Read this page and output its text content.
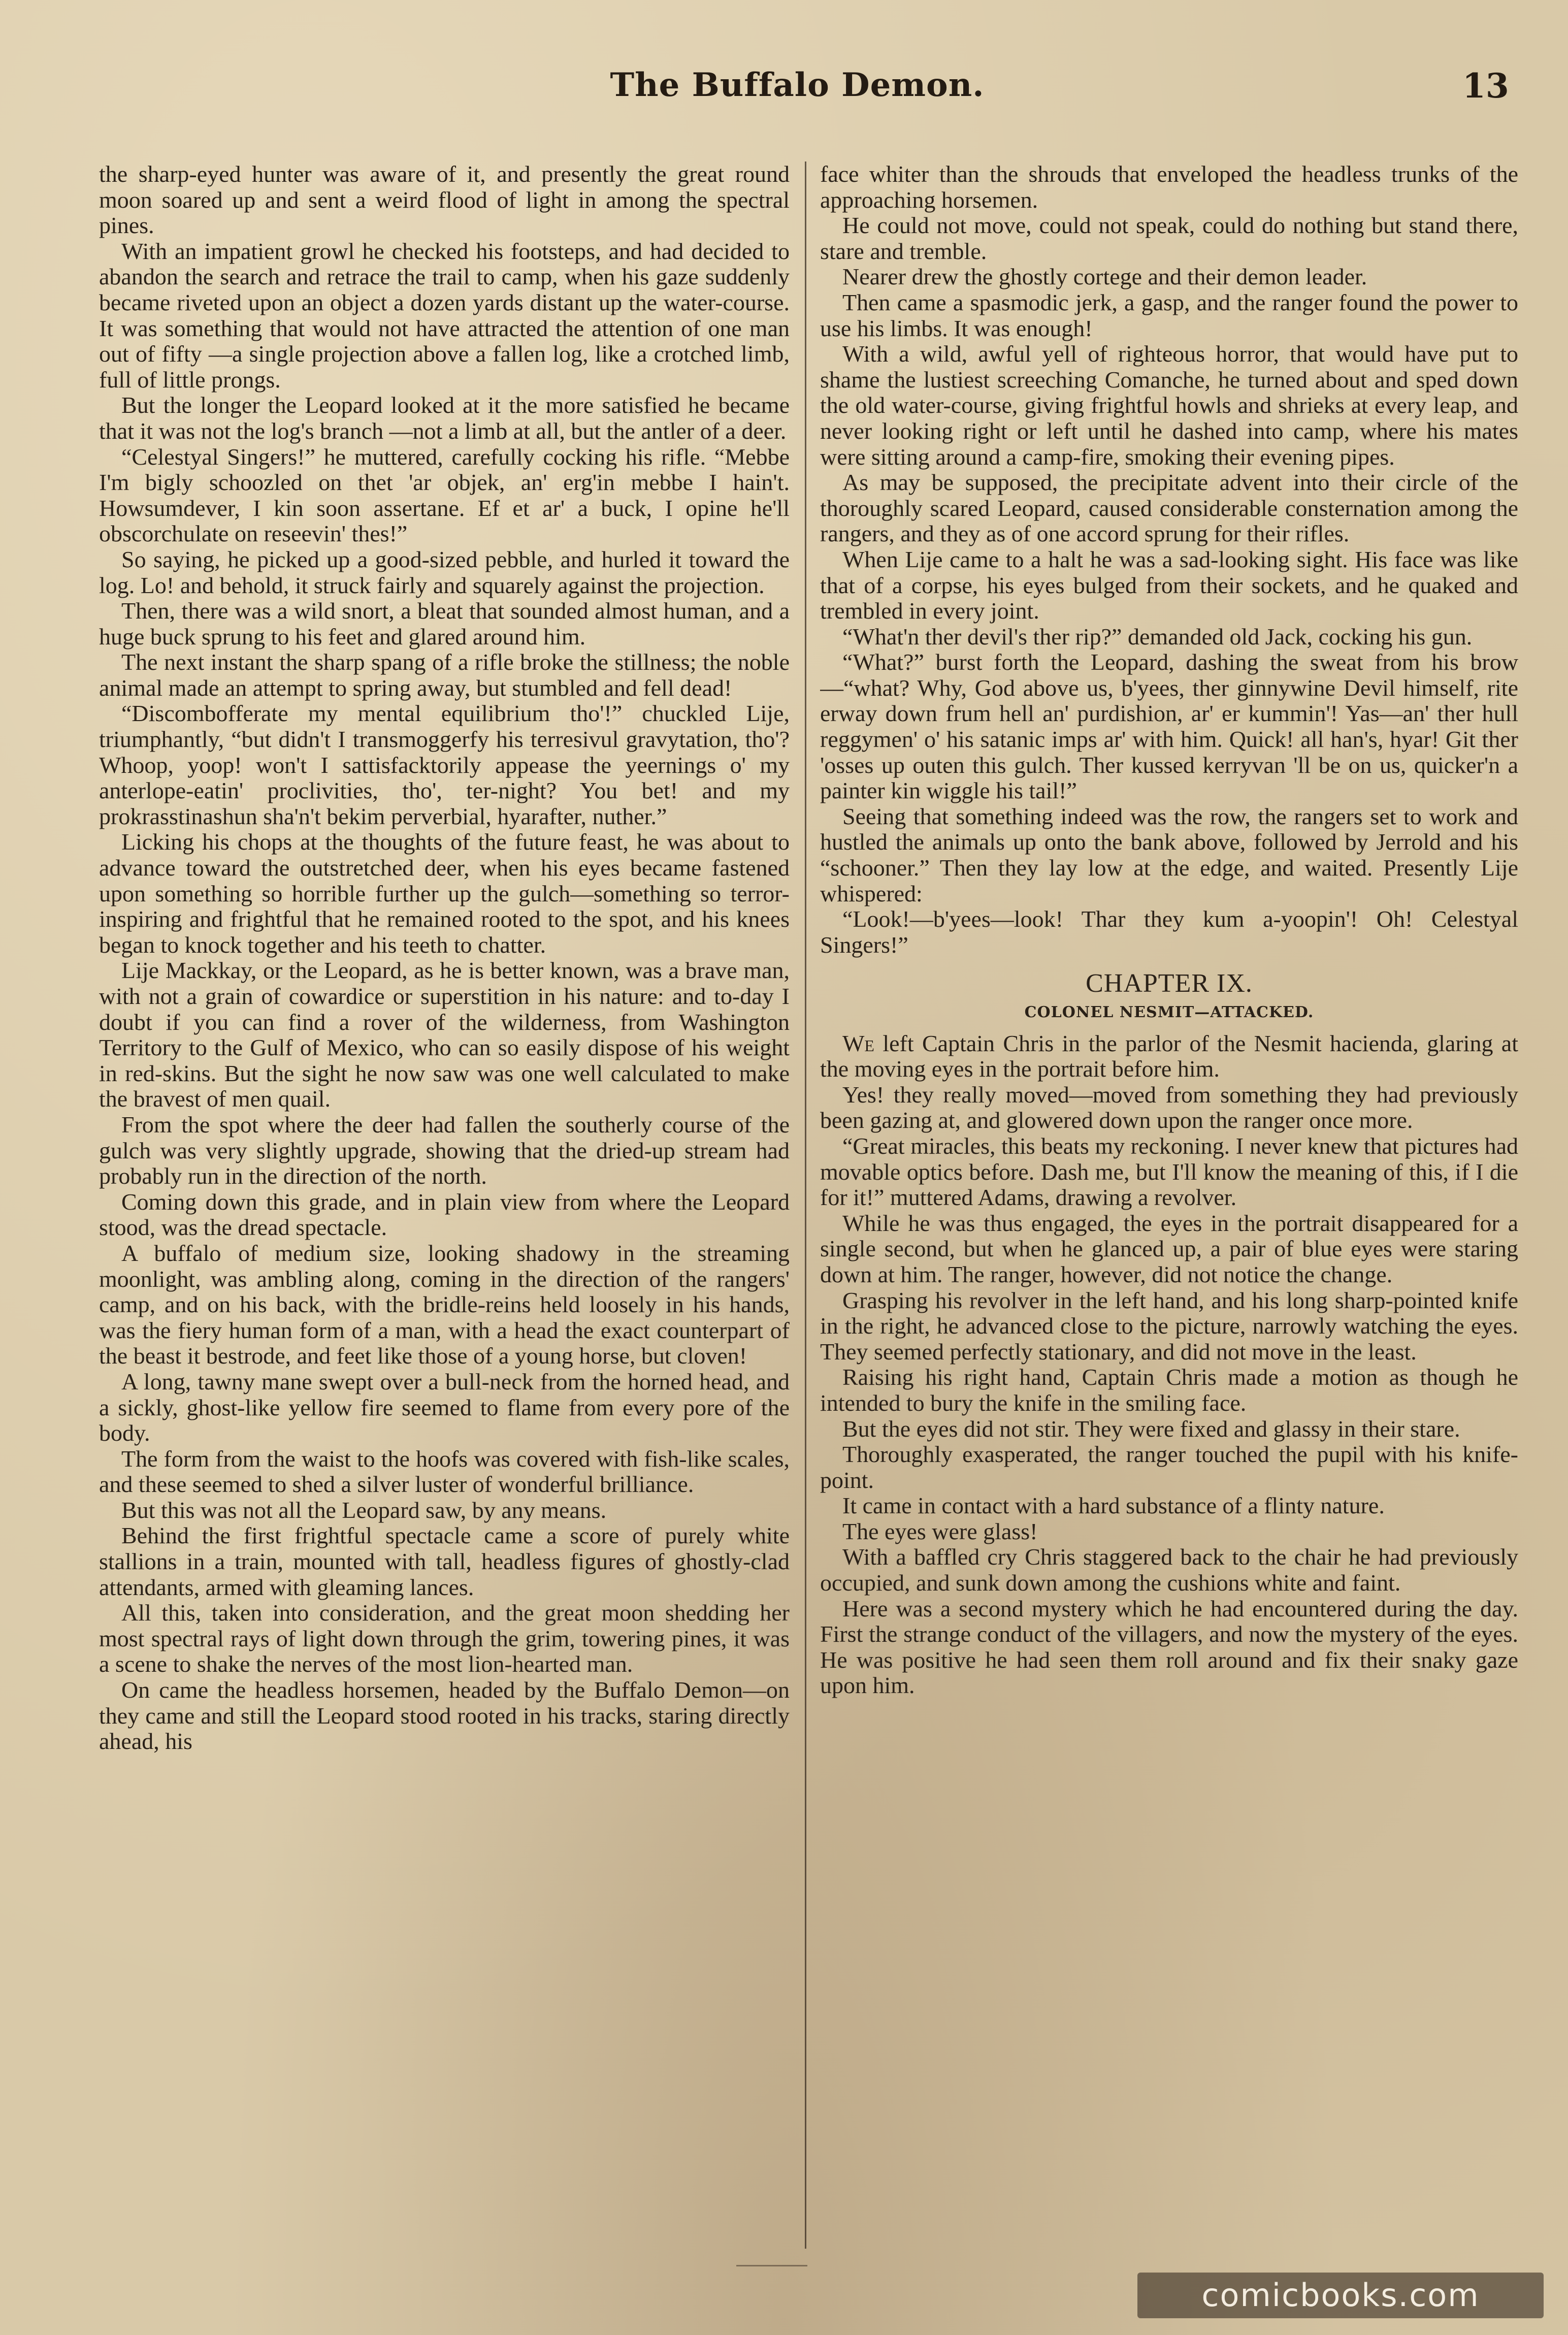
The Buffalo Demon.	13

the sharp-eyed hunter was aware of it, and presently the great round moon soared up and sent a weird flood of light in among the spectral pines.

With an impatient growl he checked his footsteps, and had decided to abandon the search and retrace the trail to camp, when his gaze suddenly became riveted upon an object a dozen yards distant up the water-course. It was something that would not have attracted the attention of one man out of fifty —a single projection above a fallen log, like a crotched limb, full of little prongs.

But the longer the Leopard looked at it the more satisfied he became that it was not the log's branch —not a limb at all, but the antler of a deer.

“Celestyal Singers!” he muttered, carefully cocking his rifle. “Mebbe I'm bigly schoozled on thet 'ar objek, an' erg'in mebbe I hain't. Howsumdever, I kin soon assertane. Ef et ar' a buck, I opine he'll obscorchulate on reseevin' thes!”

So saying, he picked up a good-sized pebble, and hurled it toward the log. Lo! and behold, it struck fairly and squarely against the projection.

Then, there was a wild snort, a bleat that sounded almost human, and a huge buck sprung to his feet and glared around him.

The next instant the sharp spang of a rifle broke the stillness; the noble animal made an attempt to spring away, but stumbled and fell dead!

“Discombofferate my mental equilibrium tho'!” chuckled Lije, triumphantly, “but didn't I transmoggerfy his terresivul gravytation, tho'? Whoop, yoop! won't I sattisfacktorily appease the yeernings o' my anterlope-eatin' proclivities, tho', ter-night? You bet! and my prokrasstinashun sha'n't bekim perverbial, hyarafter, nuther.”

Licking his chops at the thoughts of the future feast, he was about to advance toward the outstretched deer, when his eyes became fastened upon something so horrible further up the gulch—something so terror-inspiring and frightful that he remained rooted to the spot, and his knees began to knock together and his teeth to chatter.

Lije Mackkay, or the Leopard, as he is better known, was a brave man, with not a grain of cowardice or superstition in his nature: and to-day I doubt if you can find a rover of the wilderness, from Washington Territory to the Gulf of Mexico, who can so easily dispose of his weight in red-skins. But the sight he now saw was one well calculated to make the bravest of men quail.

From the spot where the deer had fallen the southerly course of the gulch was very slightly upgrade, showing that the dried-up stream had probably run in the direction of the north.

Coming down this grade, and in plain view from where the Leopard stood, was the dread spectacle.

A buffalo of medium size, looking shadowy in the streaming moonlight, was ambling along, coming in the direction of the rangers' camp, and on his back, with the bridle-reins held loosely in his hands, was the fiery human form of a man, with a head the exact counterpart of the beast it bestrode, and feet like those of a young horse, but cloven!

A long, tawny mane swept over a bull-neck from the horned head, and a sickly, ghost-like yellow fire seemed to flame from every pore of the body.

The form from the waist to the hoofs was covered with fish-like scales, and these seemed to shed a silver luster of wonderful brilliance.

But this was not all the Leopard saw, by any means.

Behind the first frightful spectacle came a score of purely white stallions in a train, mounted with tall, headless figures of ghostly-clad attendants, armed with gleaming lances.

All this, taken into consideration, and the great moon shedding her most spectral rays of light down through the grim, towering pines, it was a scene to shake the nerves of the most lion-hearted man.

On came the headless horsemen, headed by the Buffalo Demon—on they came and still the Leopard stood rooted in his tracks, staring directly ahead, his

face whiter than the shrouds that enveloped the headless trunks of the approaching horsemen.

He could not move, could not speak, could do nothing but stand there, stare and tremble.

Nearer drew the ghostly cortege and their demon leader.

Then came a spasmodic jerk, a gasp, and the ranger found the power to use his limbs. It was enough!

With a wild, awful yell of righteous horror, that would have put to shame the lustiest screeching Comanche, he turned about and sped down the old water-course, giving frightful howls and shrieks at every leap, and never looking right or left until he dashed into camp, where his mates were sitting around a camp-fire, smoking their evening pipes.

As may be supposed, the precipitate advent into their circle of the thoroughly scared Leopard, caused considerable consternation among the rangers, and they as of one accord sprung for their rifles.

When Lije came to a halt he was a sad-looking sight. His face was like that of a corpse, his eyes bulged from their sockets, and he quaked and trembled in every joint.

“What'n ther devil's ther rip?” demanded old Jack, cocking his gun.

“What?” burst forth the Leopard, dashing the sweat from his brow—“what? Why, God above us, b'yees, ther ginnywine Devil himself, rite erway down frum hell an' purdishion, ar' er kummin'! Yas—an' ther hull reggymen' o' his satanic imps ar' with him. Quick! all han's, hyar! Git ther 'osses up outen this gulch. Ther kussed kerryvan 'll be on us, quicker'n a painter kin wiggle his tail!”

Seeing that something indeed was the row, the rangers set to work and hustled the animals up onto the bank above, followed by Jerrold and his “schooner.” Then they lay low at the edge, and waited. Presently Lije whispered:

“Look!—b'yees—look! Thar they kum a-yoopin'! Oh! Celestyal Singers!”

CHAPTER IX.
COLONEL NESMIT—ATTACKED.

We left Captain Chris in the parlor of the Nesmit hacienda, glaring at the moving eyes in the portrait before him.

Yes! they really moved—moved from something they had previously been gazing at, and glowered down upon the ranger once more.

“Great miracles, this beats my reckoning. I never knew that pictures had movable optics before. Dash me, but I'll know the meaning of this, if I die for it!” muttered Adams, drawing a revolver.

While he was thus engaged, the eyes in the portrait disappeared for a single second, but when he glanced up, a pair of blue eyes were staring down at him. The ranger, however, did not notice the change.

Grasping his revolver in the left hand, and his long sharp-pointed knife in the right, he advanced close to the picture, narrowly watching the eyes. They seemed perfectly stationary, and did not move in the least.

Raising his right hand, Captain Chris made a motion as though he intended to bury the knife in the smiling face.

But the eyes did not stir. They were fixed and glassy in their stare.

Thoroughly exasperated, the ranger touched the pupil with his knife-point.

It came in contact with a hard substance of a flinty nature.

The eyes were glass!

With a baffled cry Chris staggered back to the chair he had previously occupied, and sunk down among the cushions white and faint.

Here was a second mystery which he had encountered during the day. First the strange conduct of the villagers, and now the mystery of the eyes. He was positive he had seen them roll around and fix their snaky gaze upon him.

comicbooks.com
